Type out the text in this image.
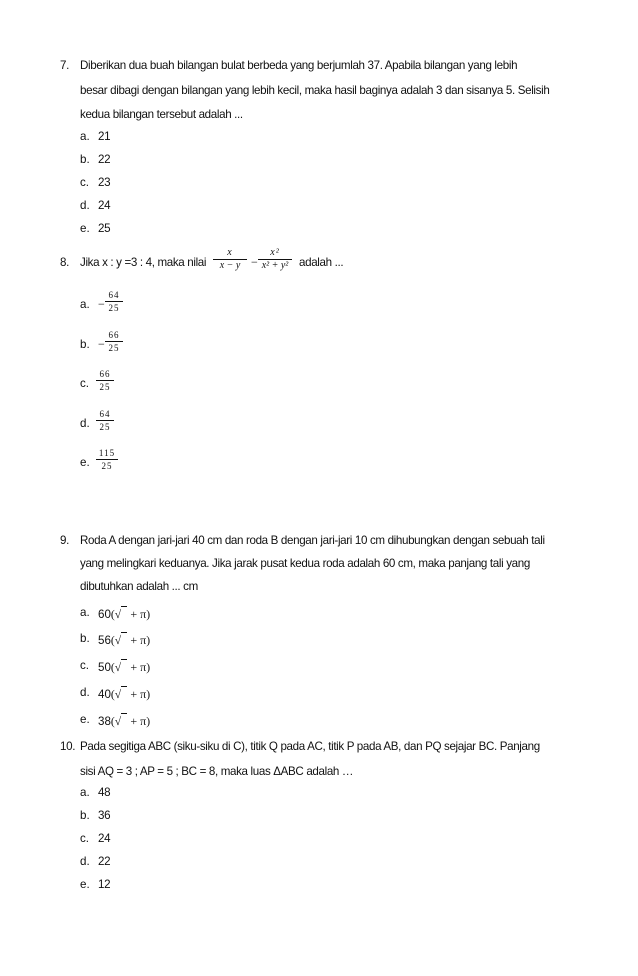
7. Diberikan dua buah bilangan bulat berbeda yang berjumlah 37. Apabila bilangan yang lebih
besar dibagi dengan bilangan yang lebih kecil, maka hasil baginya adalah 3 dan sisanya 5. Selisih
kedua bilangan tersebut adalah ...
a. 21
b. 22
c. 23
d. 24
e. 25
8. Jika x : y =3 : 4, maka nilai
x
x − y −
x²
x² + y² adalah ...
a. −
64
25
b. −
66
25
c.
66
25
d.
64
25
e.
115
25
9. Roda A dengan jari-jari 40 cm dan roda B dengan jari-jari 10 cm dihubungkan dengan sebuah tali
yang melingkari keduanya. Jika jarak pusat kedua roda adalah 60 cm, maka panjang tali yang
dibutuhkan adalah ... cm
a. 60(√ + π)
b. 56(√ + π)
c. 50(√ + π)
d. 40(√ + π)
e. 38(√ + π)
10. Pada segitiga ABC (siku-siku di C), titik Q pada AC, titik P pada AB, dan PQ sejajar BC. Panjang
sisi AQ = 3 ; AP = 5 ; BC = 8, maka luas ΔABC adalah …
a. 48
b. 36
c. 24
d. 22
e. 12
